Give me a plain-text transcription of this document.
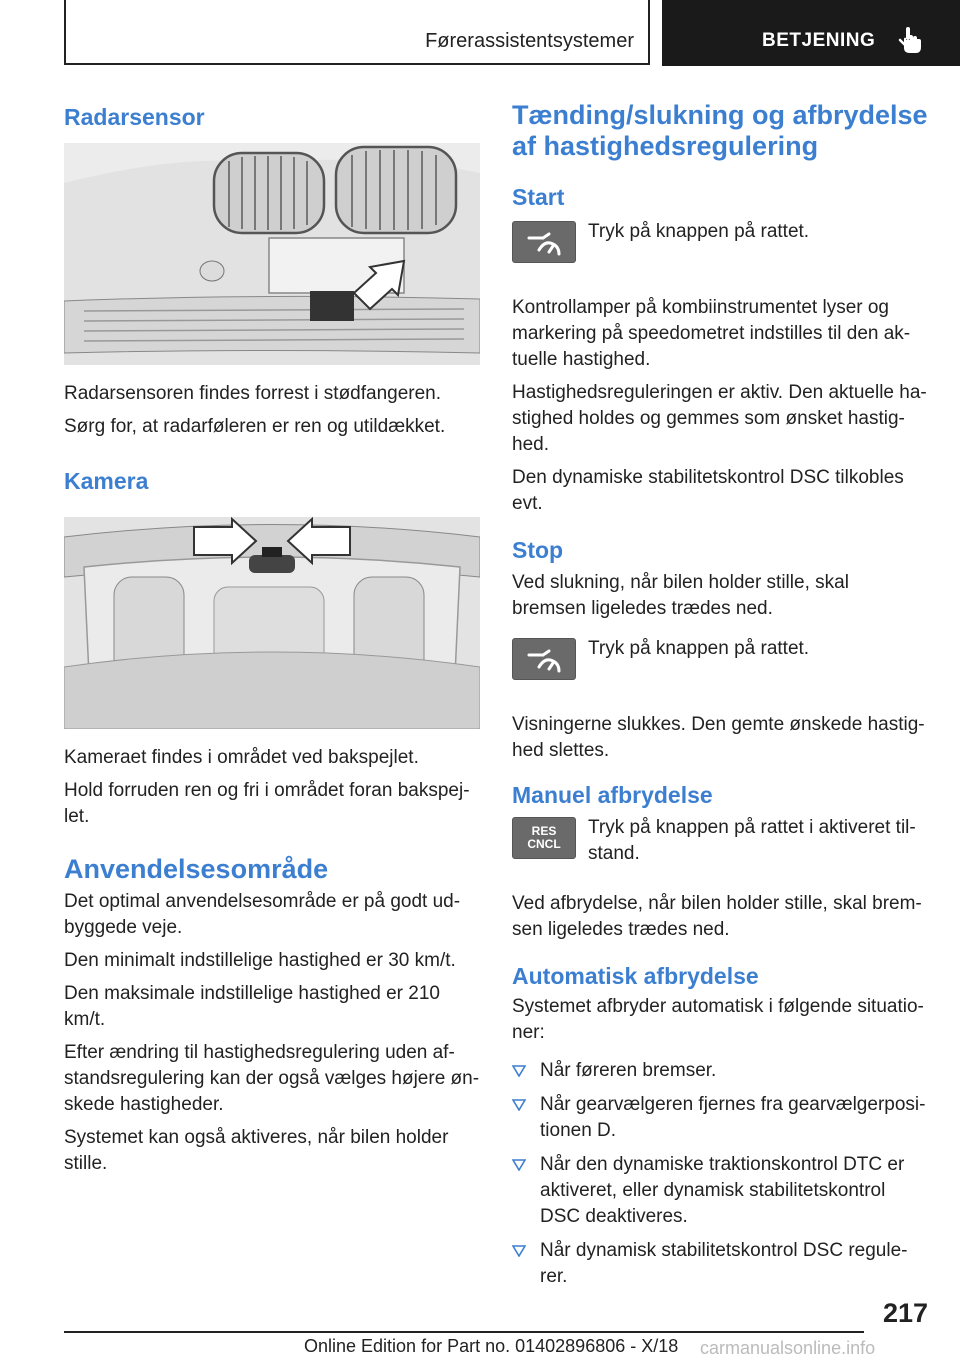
Førerassistentsystemer	BETJENING
Radarsensor

Radarsensoren findes forrest i stødfangeren.

Sørg for, at radarføleren er ren og utildækket.

Kamera

Kameraet findes i området ved bakspejlet.

Hold forruden ren og fri i området foran bakspej-let.

Anvendelsesområde

Det optimal anvendelsesområde er på godt ud-byggede veje.

Den minimalt indstillelige hastighed er 30 km/t.

Den maksimale indstillelige hastighed er 210 km/t.

Efter ændring til hastighedsregulering uden af-standsregulering kan der også vælges højere øn-skede hastigheder.

Systemet kan også aktiveres, når bilen holder stille.

Tænding/slukning og afbrydelse af hastighedsregulering
Start

Tryk på knappen på rattet.

Kontrollamper på kombiinstrumentet lyser og markering på speedometret indstilles til den ak-tuelle hastighed.

Hastighedsreguleringen er aktiv. Den aktuelle ha-stighed holdes og gemmes som ønsket hastig-hed.

Den dynamiske stabilitetskontrol DSC tilkobles evt.

Stop

Ved slukning, når bilen holder stille, skal bremsen ligeledes trædes ned.

Tryk på knappen på rattet.

Visningerne slukkes. Den gemte ønskede hastig-hed slettes.

Manuel afbrydelse
RES
CNCL

Tryk på knappen på rattet i aktiveret til-stand.

Ved afbrydelse, når bilen holder stille, skal brem-sen ligeledes trædes ned.

Automatisk afbrydelse

Systemet afbryder automatisk i følgende situatio-ner:

Når føreren bremser.
Når gearvælgeren fjernes fra gearvælgerposi-tionen D.
Når den dynamiske traktionskontrol DTC er aktiveret, eller dynamisk stabilitetskontrol DSC deaktiveres.
Når dynamisk stabilitetskontrol DSC regule-rer.
217
Online Edition for Part no. 01402896806 - X/18 carmanualsonline.info
